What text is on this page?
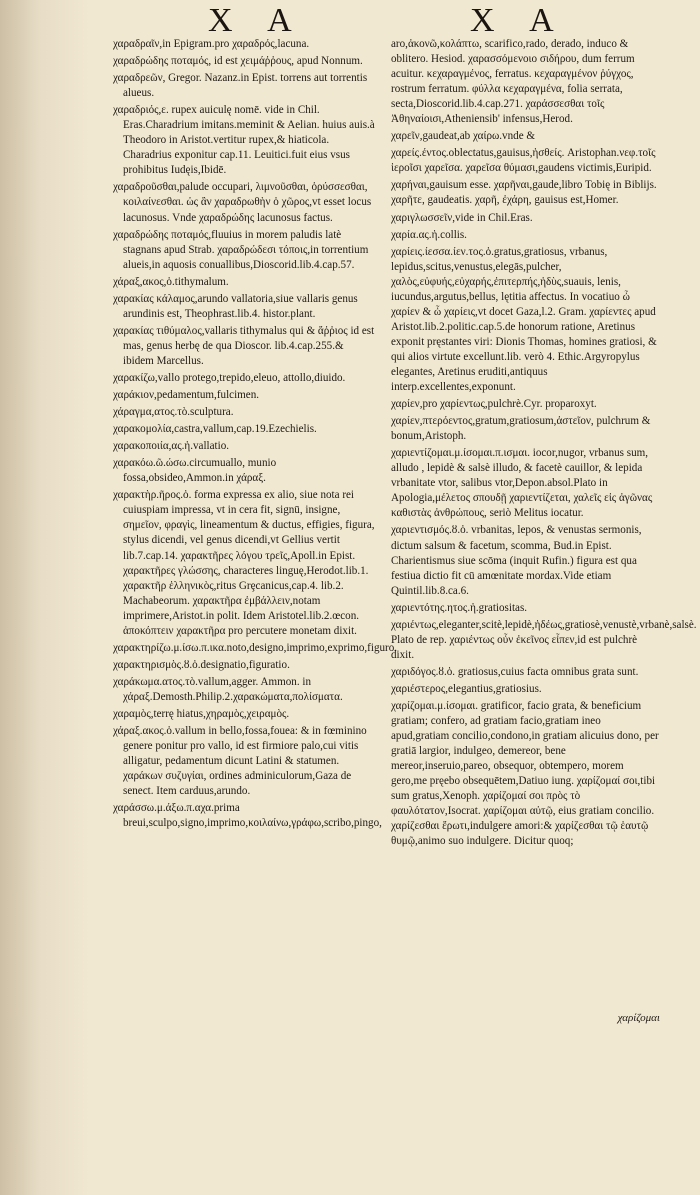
X A	X A

χαραδραῖν,in Epigram.pro χαραδρός,lacuna.

χαραδρώδης ποταμός, id est χειμάῤῥους, apud Nonnum.

χαραδρεῶν, Gregor. Nazanz.in Epist. torrens aut torrentis alueus.

χαραδριός,ε. rupex auiculę nomē. vide in Chil. Eras.Charadrium imitans.meminit & Aelian. huius auis.à Theodoro in Aristot.vertitur rupex,& hiaticola. Charadrius exponitur cap.11. Leuitici.fuit eius vsus prohibitus Iudęis,Ibidē.

χαραδροῦσθαι,palude occupari, λιμνοῦσθαι, ὀρύσσεσθαι, κοιλαίνεσθαι. ὡς ἂν χαραδρωθὴν ὁ χῶρος,vt esset locus lacunosus. Vnde χαραδρώδης lacunosus factus.

χαραδρώδης ποταμός,fluuius in morem paludis latè stagnans apud Strab. χαραδρώδεσι τόποις,in torrentium alueis,in aquosis conuallibus,Dioscorid.lib.4.cap.57.

χάραξ,ακος,ὁ.tithymalum.

χαρακίας κάλαμος,arundo vallatoria,siue vallaris genus arundinis est, Theophrast.lib.4. histor.plant.

χαρακίας τιθύμαλος,vallaris tithymalus qui & ἄῤῥιος id est mas, genus herbę de qua Dioscor. lib.4.cap.255.& ibidem Marcellus.

χαρακίζω,vallo protego,trepido,eleuo, attollo,diuido.

χαράκιον,pedamentum,fulcimen.

χάραγμα,ατος.τὸ.sculptura.

χαρακομολία,castra,vallum,cap.19.Ezechielis.

χαρακοποιία,ας.ἡ.vallatio.

χαρακόω.ῶ.ώσω.circumuallo, munio fossa,obsideo,Ammon.in χάραξ.

χαρακτὴρ.ῆρος.ὁ. forma expressa ex alio, siue nota rei cuiuspiam impressa, vt in cera fit, signū, insigne, σημεῖον, φραγὶς, lineamentum & ductus, effigies, figura, stylus dicendi, vel genus dicendi,vt Gellius vertit lib.7.cap.14. χαρακτῆρες λόγου τρεῖς,Apoll.in Epist. χαρακτῆρες γλώσσης, characteres linguę,Herodot.lib.1. χαρακτῆρ ἑλληνικὸς,ritus Grȩcanicus,cap.4. lib.2. Machabeorum. χαρακτῆρα ἐμβάλλειν,notam imprimere,Aristot.in polit. Idem Aristotel.lib.2.œcon. ἀποκόπτειν χαρακτῆρα pro percutere monetam dixit.

χαρακτηρίζω.μ.ίσω.π.ικα.noto,designo,imprimo,exprimo,figuro.

χαρακτηρισμὸς.ȣ.ὁ.designatio,figuratio.

χαράκωμα.ατος.τὸ.vallum,agger. Ammon. in χάραξ.Demosth.Philip.2.χαρακώματα,πολίσματα.

χαραμὸς,terrę hiatus,χηραμὸς,χειραμὸς.

χάραξ.ακος.ὁ.vallum in bello,fossa,fouea: & in fœminino genere ponitur pro vallo, id est firmiore palo,cui vitis alligatur, pedamentum dicunt Latini & statumen. χαράκων συζυγίαι, ordines adminiculorum,Gaza de senect. Item carduus,arundo.

χαράσσω.μ.άξω.π.αχα.prima breui,sculpo,signo,imprimo,κοιλαίνω,γράφω,scribo,pingo,

aro,ἀκονῶ,κολάπτω, scarifico,rado, derado, induco & oblitero. Hesiod. χαρασσόμενοιο σιδήρου, dum ferrum acuitur. κεχαραγμένος, ferratus. κεχαραγμένον ῥύγχος, rostrum ferratum. φύλλα κεχαραγμένα, folia serrata, secta,Dioscorid.lib.4.cap.271. χαράσσεσθαι τοῖς Ἀθηναίοισι,Atheniensib' infensus,Herod.

χαρεῖν,gaudeat,ab χαίρω.vnde &

χαρείς.έντος.oblectatus,gauisus,ἡσθείς. Aristophan.νεφ.τοῖς ἱεροῖσι χαρεῖσα. χαρεῖσα θύμασι,gaudens victimis,Euripid.

χαρήναι,gauisum esse. χαρῆναι,gaude,libro Tobię in Biblijs. χαρῆτε, gaudeatis. χαρῆ, ἐχάρη, gauisus est,Homer.

χαριγλωσσεῖν,vide in Chil.Eras.

χαρία.ας.ἡ.collis.

χαρίεις.ίεσσα.ίεν.τος.ὁ.gratus,gratiosus, vrbanus, lepidus,scitus,venustus,elegās,pulcher, χαλὸς,εὐφυής,εὐχαρής,ἐπιτερπής,ἡδὺς,suauis, lenis, iucundus,argutus,bellus, lętitia affectus. In vocatiuo ὦ χαρίεν & ὦ χαρίεις,vt docet Gaza,l.2. Gram. χαρίεντες apud Aristot.lib.2.politic.cap.5.de honorum ratione, Aretinus exponit pręstantes viri: Dionis Thomas, homines gratiosi, & qui alios virtute excellunt.lib. verò 4. Ethic.Argyropylus elegantes, Aretinus eruditi,antiquus interp.excellentes,exponunt.

χαρίεν,pro χαρίεντως,pulchrè.Cyr. proparoxyt.

χαρίεν,πτερόεντος,gratum,gratiosum,ἀστεῖον, pulchrum & bonum,Aristoph.

χαριεντίζομαι.μ.ίσομαι.π.ισμαι. iocor,nugor, vrbanus sum, alludo , lepidè & salsè illudo, & facetè cauillor, & lepida vrbanitate vtor, salibus vtor,Depon.absol.Plato in Apologia,μέλετος σπουδῇ χαριεντίζεται, χαλεῖς εἰς ἀγῶνας καθιστὰς ἀνθρώπους, seriò Melitus iocatur.

χαριεντισμός.ȣ.ὁ. vrbanitas, lepos, & venustas sermonis, dictum salsum & facetum, scomma, Bud.in Epist. Charientismus siue scōma (inquit Rufin.) figura est qua festiua dictio fit cū amœnitate mordax.Vide etiam Quintil.lib.8.ca.6.

χαριεντότης.ητος.ἡ.gratiositas.

χαριέντως,eleganter,scitè,lepidè,ἡδέως,gratiosè,venustè,vrbanè,salsè. Plato de rep. χαριέντως οὖν ἐκεῖνος εἶπεν,id est pulchrè dixit.

χαριδόγος.ȣ.ὁ. gratiosus,cuius facta omnibus grata sunt.

χαριέστερος,elegantius,gratiosius.

χαρίζομαι.μ.ίσομαι. gratificor, facio grata, & beneficium gratiam; confero, ad gratiam facio,gratiam ineo apud,gratiam concilio,condono,in gratiam alicuius dono, per gratiā largior, indulgeo, demereor, bene mereor,inseruio,pareo, obsequor, obtempero, morem gero,me pręebo obsequētem,Datiuo iung. χαρίζομαί σοι,tibi sum gratus,Xenoph. χαρίζομαί σοι πρὸς τὸ φαυλότατον,Isocrat. χαρίζομαι αὐτῷ, eius gratiam concilio. χαρίζεσθαι ἔρωτι,indulgere amori:& χαρίζεσθαι τῷ ἑαυτῷ θυμῷ,animo suo indulgere. Dicitur quoq;

χαρίζομαι
